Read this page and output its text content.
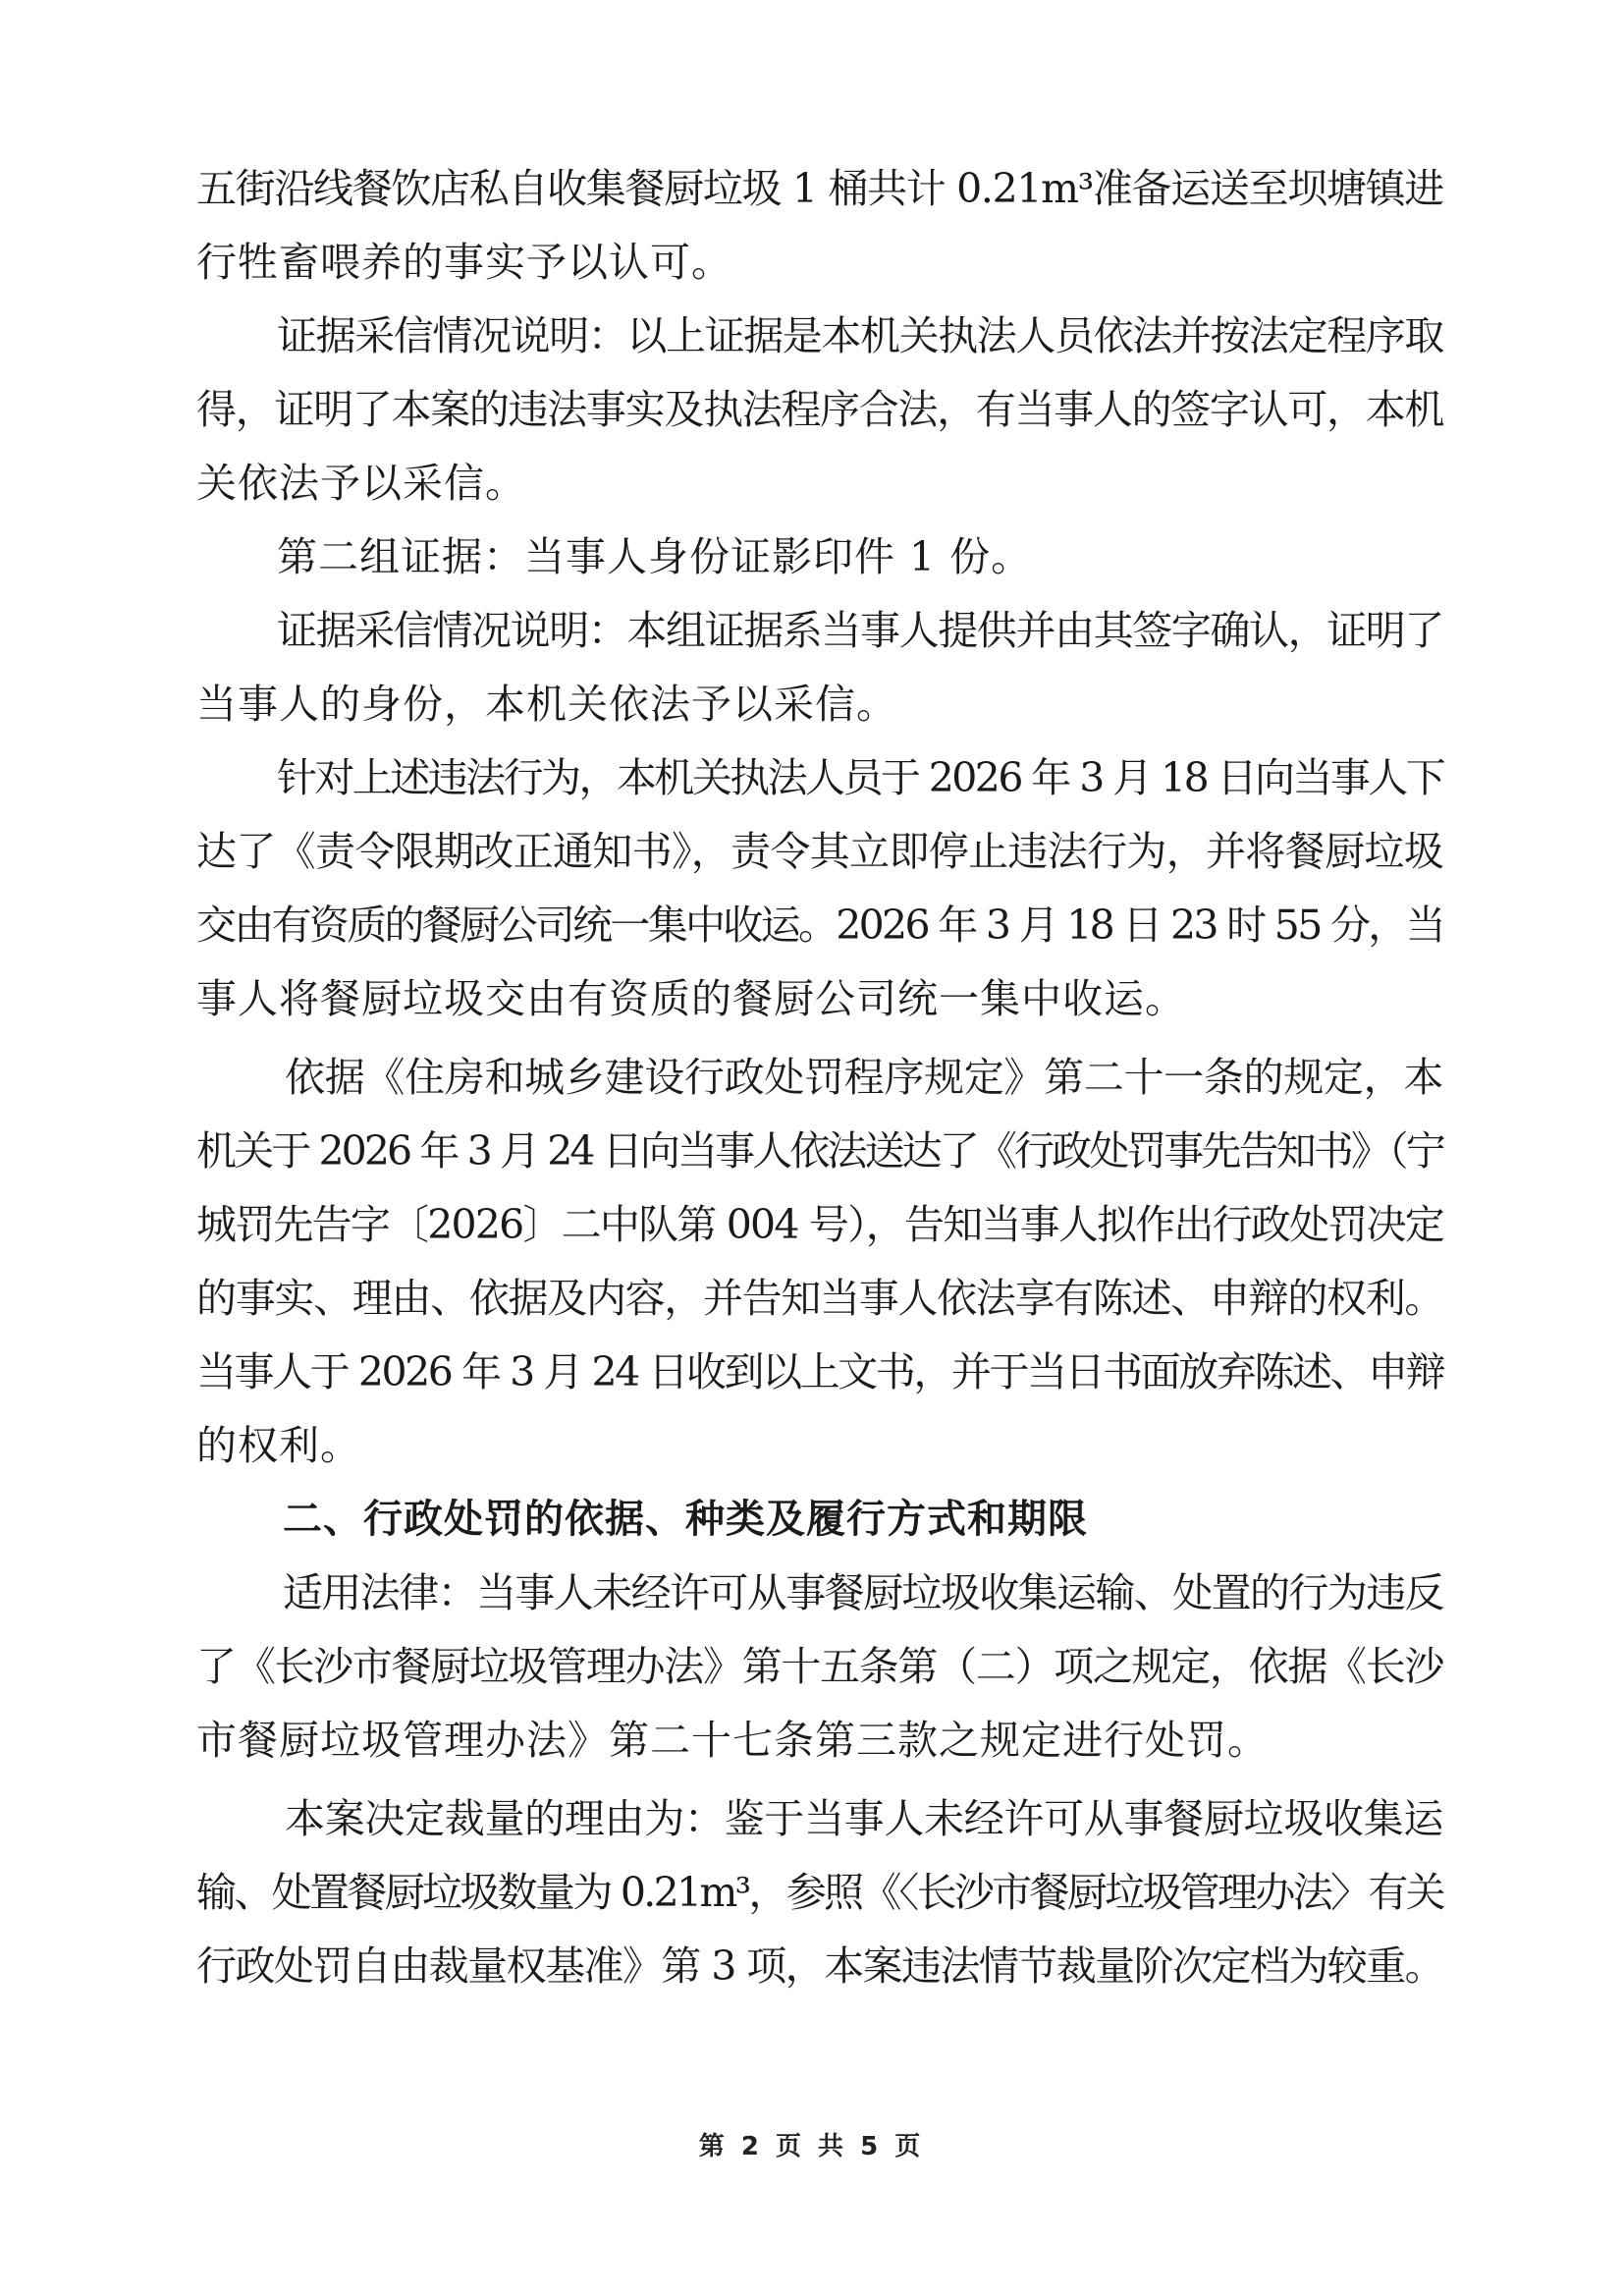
五街沿线餐饮店私自收集餐厨垃圾 1 桶共计 0.21m³准备运送至坝塘镇进
行牲畜喂养的事实予以认可。
证据采信情况说明：以上证据是本机关执法人员依法并按法定程序取
得，证明了本案的违法事实及执法程序合法，有当事人的签字认可，本机
关依法予以采信。
第二组证据：当事人身份证影印件 1 份。
证据采信情况说明：本组证据系当事人提供并由其签字确认，证明了
当事人的身份，本机关依法予以采信。
针对上述违法行为，本机关执法人员于 2026 年 3 月 18 日向当事人下
达了《责令限期改正通知书》，责令其立即停止违法行为，并将餐厨垃圾
交由有资质的餐厨公司统一集中收运。2026 年 3 月 18 日 23 时 55 分，当
事人将餐厨垃圾交由有资质的餐厨公司统一集中收运。
依据《住房和城乡建设行政处罚程序规定》第二十一条的规定，本
机关于 2026 年 3 月 24 日向当事人依法送达了《行政处罚事先告知书》（宁
城罚先告字〔2026〕二中队第 004 号），告知当事人拟作出行政处罚决定
的事实、理由、依据及内容，并告知当事人依法享有陈述、申辩的权利。
当事人于 2026 年 3 月 24 日收到以上文书，并于当日书面放弃陈述、申辩
的权利。
二、行政处罚的依据、种类及履行方式和期限
适用法律：当事人未经许可从事餐厨垃圾收集运输、处置的行为违反
了《长沙市餐厨垃圾管理办法》第十五条第（二）项之规定，依据《长沙
市餐厨垃圾管理办法》第二十七条第三款之规定进行处罚。
本案决定裁量的理由为：鉴于当事人未经许可从事餐厨垃圾收集运
输、处置餐厨垃圾数量为 0.21m³，参照《〈长沙市餐厨垃圾管理办法〉有关
行政处罚自由裁量权基准》第 3 项，本案违法情节裁量阶次定档为较重。
第 2 页 共 5 页
